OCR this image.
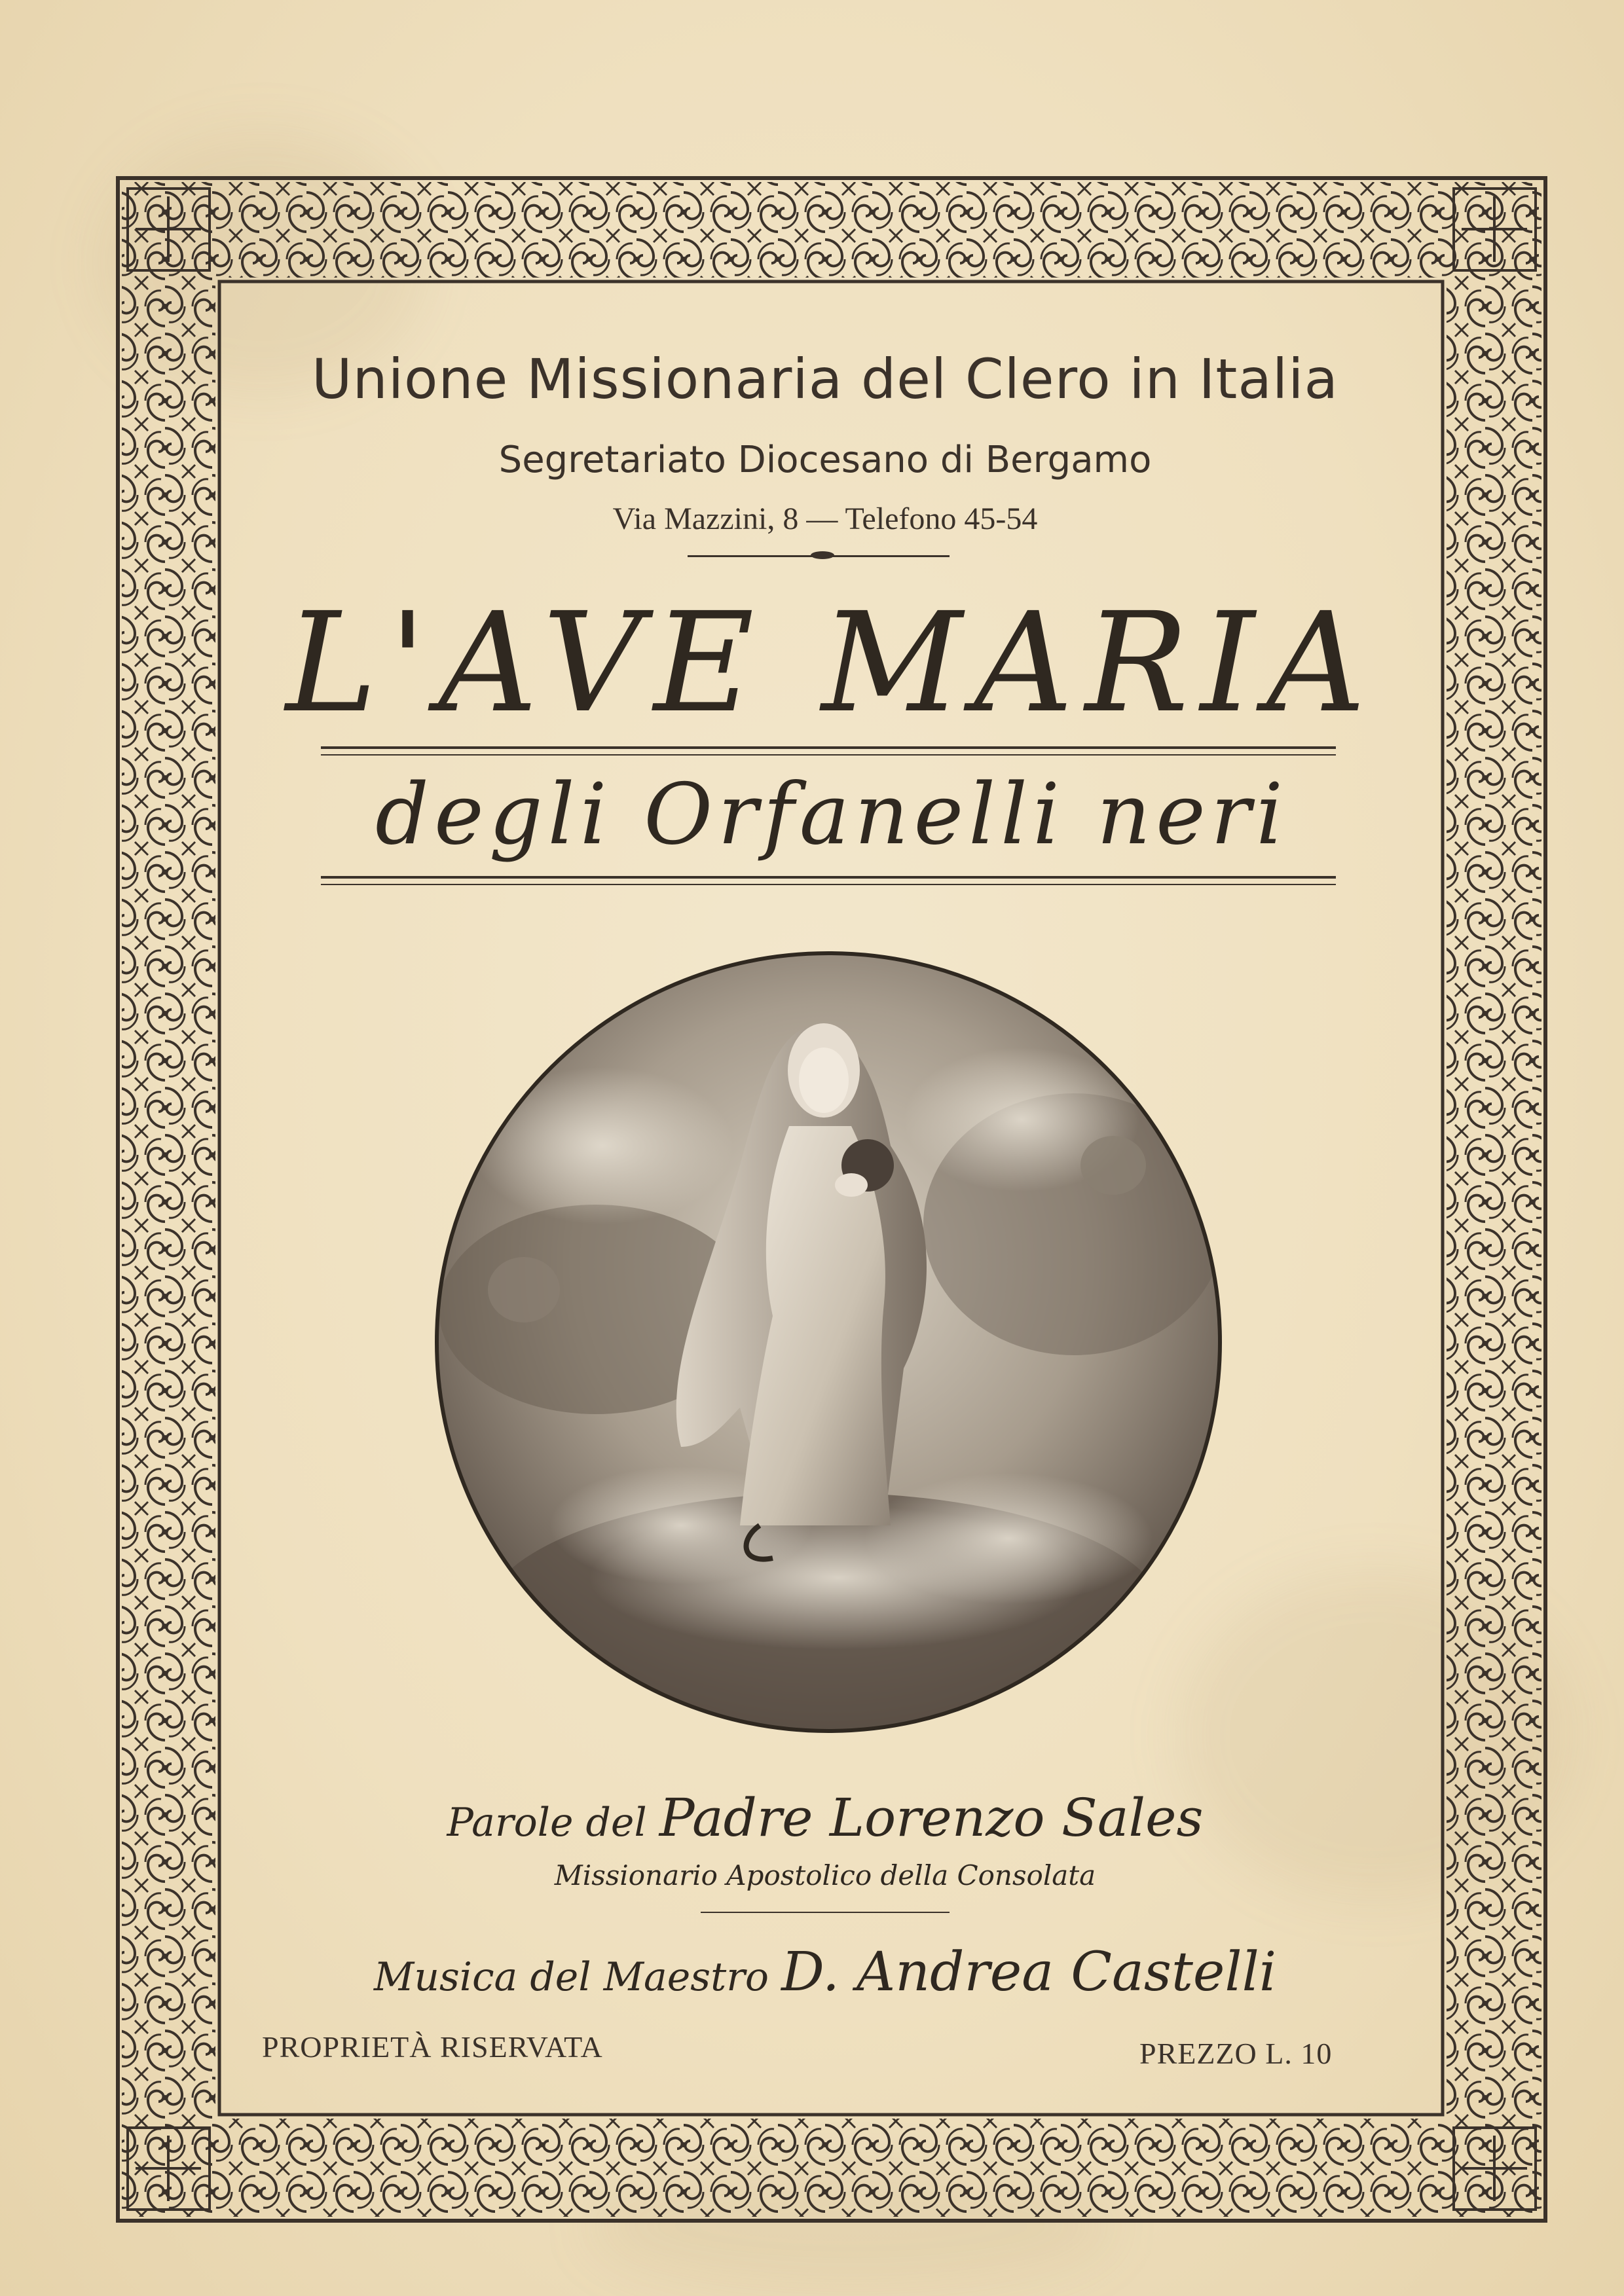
Unione Missionaria del Clero in Italia
Segretariato Diocesano di Bergamo
Via Mazzini, 8 — Telefono 45-54
L'AVE MARIA
degli Orfanelli neri
Parole del Padre Lorenzo Sales
Missionario Apostolico della Consolata
Musica del Maestro D. Andrea Castelli
PROPRIETÀ RISERVATA	PREZZO L. 10
